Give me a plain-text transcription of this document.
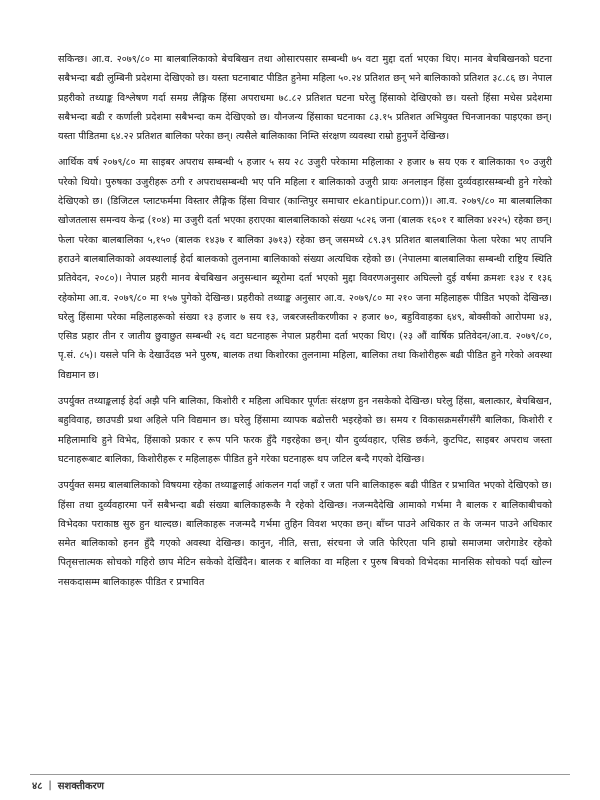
सकिन्छ। आ.व. २०७९/८० मा बालबालिकाको बेचबिखन तथा ओसारपसार सम्बन्धी ७५ वटा मुद्दा दर्ता भएका थिए। मानव बेचबिखनको घटना सबैभन्दा बढी लुम्बिनी प्रदेशमा देखिएको छ। यस्ता घटनाबाट पीडित हुनेमा महिला ५०.२४ प्रतिशत छन् भने बालिकाको प्रतिशत ३८.८६ छ। नेपाल प्रहरीको तथ्याङ्क विश्लेषण गर्दा समग्र लैङ्गिक हिंसा अपराधमा ७८.८२ प्रतिशत घटना घरेलु हिंसाको देखिएको छ। यस्तो हिंसा मधेस प्रदेशमा सबैभन्दा बढी र कर्णाली प्रदेशमा सबैभन्दा कम देखिएको छ। यौनजन्य हिंसाका घटनाका ८३.१५ प्रतिशत अभियुक्त चिनजानका पाइएका छन्। यस्ता पीडितमा ६४.२२ प्रतिशत बालिका परेका छन्। त्यसैले बालिकाका निम्ति संरक्षण व्यवस्था राम्रो हुनुपर्ने देखिन्छ।

आर्थिक वर्ष २०७९/८० मा साइबर अपराध सम्बन्धी ५ हजार ५ सय २८ उजुरी परेकामा महिलाका २ हजार ७ सय एक र बालिकाका ९० उजुरी परेको थियो। पुरुषका उजुरीहरू ठगी र अपराधसम्बन्धी भए पनि महिला र बालिकाको उजुरी प्रायः अनलाइन हिंसा दुर्व्यवहारसम्बन्धी हुने गरेको देखिएको छ। (डिजिटल प्लाटफर्ममा विस्तार लैङ्गिक हिंसा विचार (कान्तिपुर समाचार ekantipur.com))। आ.व. २०७९/८० मा बालबालिका खोजतलास समन्वय केन्द्र (१०४) मा उजुरी दर्ता भएका हराएका बालबालिकाको संख्या ५८२६ जना (बालक १६०१ र बालिका ४२२५) रहेका छन्। फेला परेका बालबालिका ५,१५० (बालक १४३७ र बालिका ३७१३) रहेका छन् जसमध्ये ८९.३९ प्रतिशत बालबालिका फेला परेका भए तापनि हराउने बालबालिकाको अवस्थालाई हेर्दा बालकको तुलनामा बालिकाको संख्या अत्यधिक रहेको छ। (नेपालमा बालबालिका सम्बन्धी राष्ट्रिय स्थिति प्रतिवेदन, २०८०)। नेपाल प्रहरी मानव बेचबिखन अनुसन्धान ब्यूरोमा दर्ता भएको मुद्दा विवरणअनुसार अघिल्लो दुई वर्षमा क्रमशः १३४ र १३६ रहेकोमा आ.व. २०७९/८० मा १५७ पुगेको देखिन्छ। प्रहरीको तथ्याङ्क अनुसार आ.व. २०७९/८० मा २१० जना महिलाहरू पीडित भएको देखिन्छ। घरेलु हिंसामा परेका महिलाहरूको संख्या १३ हजार ७ सय १३, जबरजस्तीकरणीका २ हजार ७०, बहुविवाहका ६४९, बोक्सीको आरोपमा ४३, एसिड प्रहार तीन र जातीय छुवाछुत सम्बन्धी २६ वटा घटनाहरू नेपाल प्रहरीमा दर्ता भएका थिए। (२३ औं वार्षिक प्रतिवेदन/आ.व. २०७९/८०, पृ.सं. ८५)। यसले पनि के देखाउँदछ भने पुरुष, बालक तथा किशोरका तुलनामा महिला, बालिका तथा किशोरीहरू बढी पीडित हुने गरेको अवस्था विद्यमान छ।

उपर्युक्त तथ्याङ्कलाई हेर्दा अझै पनि बालिका, किशोरी र महिला अधिकार पूर्णतः संरक्षण हुन नसकेको देखिन्छ। घरेलु हिंसा, बलात्कार, बेचबिखन, बहुविवाह, छाउपडी प्रथा अहिले पनि विद्यमान छ। घरेलु हिंसामा व्यापक बढोत्तरी भइरहेको छ। समय र विकासक्रमसँगसँगै बालिका, किशोरी र महिलामाथि हुने विभेद, हिंसाको प्रकार र रूप पनि फरक हुँदै गइरहेका छन्। यौन दुर्व्यवहार, एसिड छर्कने, कुटपिट, साइबर अपराध जस्ता घटनाहरूबाट बालिका, किशोरीहरू र महिलाहरू पीडित हुने गरेका घटनाहरू थप जटिल बन्दै गएको देखिन्छ।

उपर्युक्त समग्र बालबालिकाको विषयमा रहेका तथ्याङ्कलाई आंकलन गर्दा जहाँ र जता पनि बालिकाहरू बढी पीडित र प्रभावित भएको देखिएको छ। हिंसा तथा दुर्व्यवहारमा पर्ने सबैभन्दा बढी संख्या बालिकाहरूकै नै रहेको देखिन्छ। नजन्मदैदेखि आमाको गर्भमा नै बालक र बालिकाबीचको विभेदका पराकाष्ठ सुरु हुन थाल्दछ। बालिकाहरू नजन्मदै गर्भमा तुहिन विवश भएका छन्। बाँच्न पाउने अधिकार त के जन्मन पाउने अधिकार समेत बालिकाको हनन हुँदै गएको अवस्था देखिन्छ। कानुन, नीति, सत्ता, संरचना जे जति फेरिएता पनि हाम्रो समाजमा जरोगाडेर रहेको पितृसत्तात्मक सोचको गहिरो छाप मेटिन सकेको देखिँदैन। बालक र बालिका वा महिला र पुरुष बिचको विभेदका मानसिक सोचको पर्दा खोल्न नसकदासम्म बालिकाहरू पीडित र प्रभावित

४८ | सशक्तीकरण
